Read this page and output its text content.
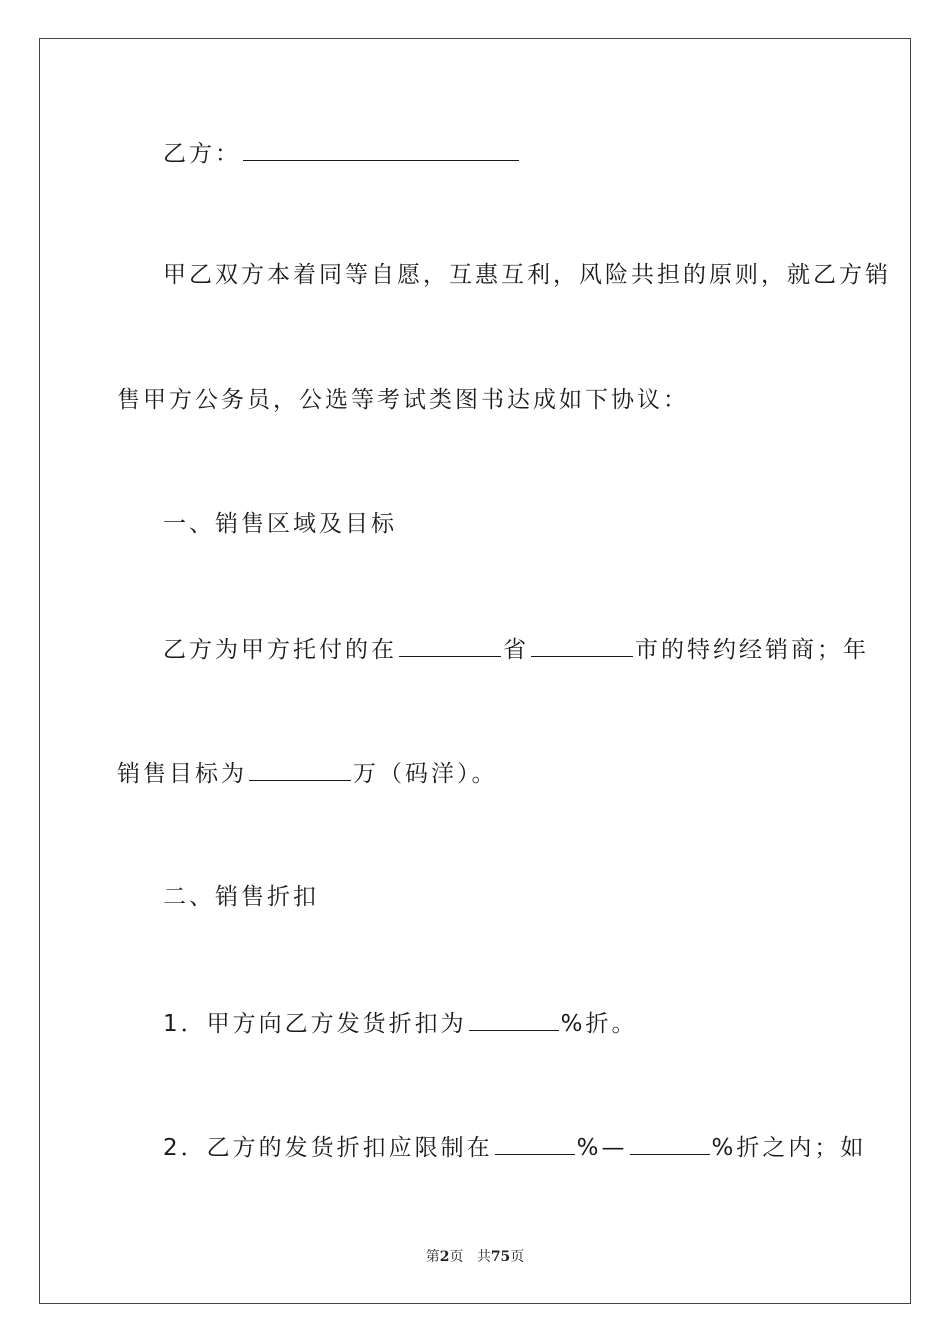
乙方：
甲乙双方本着同等自愿，互惠互利，风险共担的原则，就乙方销
售甲方公务员，公选等考试类图书达成如下协议：
一、销售区域及目标
乙方为甲方托付的在	省	市的特约经销商；年
销售目标为	万（码洋）。
二、销售折扣
1．甲方向乙方发货折扣为	%折。
2．乙方的发货折扣应限制在	%—	%折之内；如
第2页 共75页
